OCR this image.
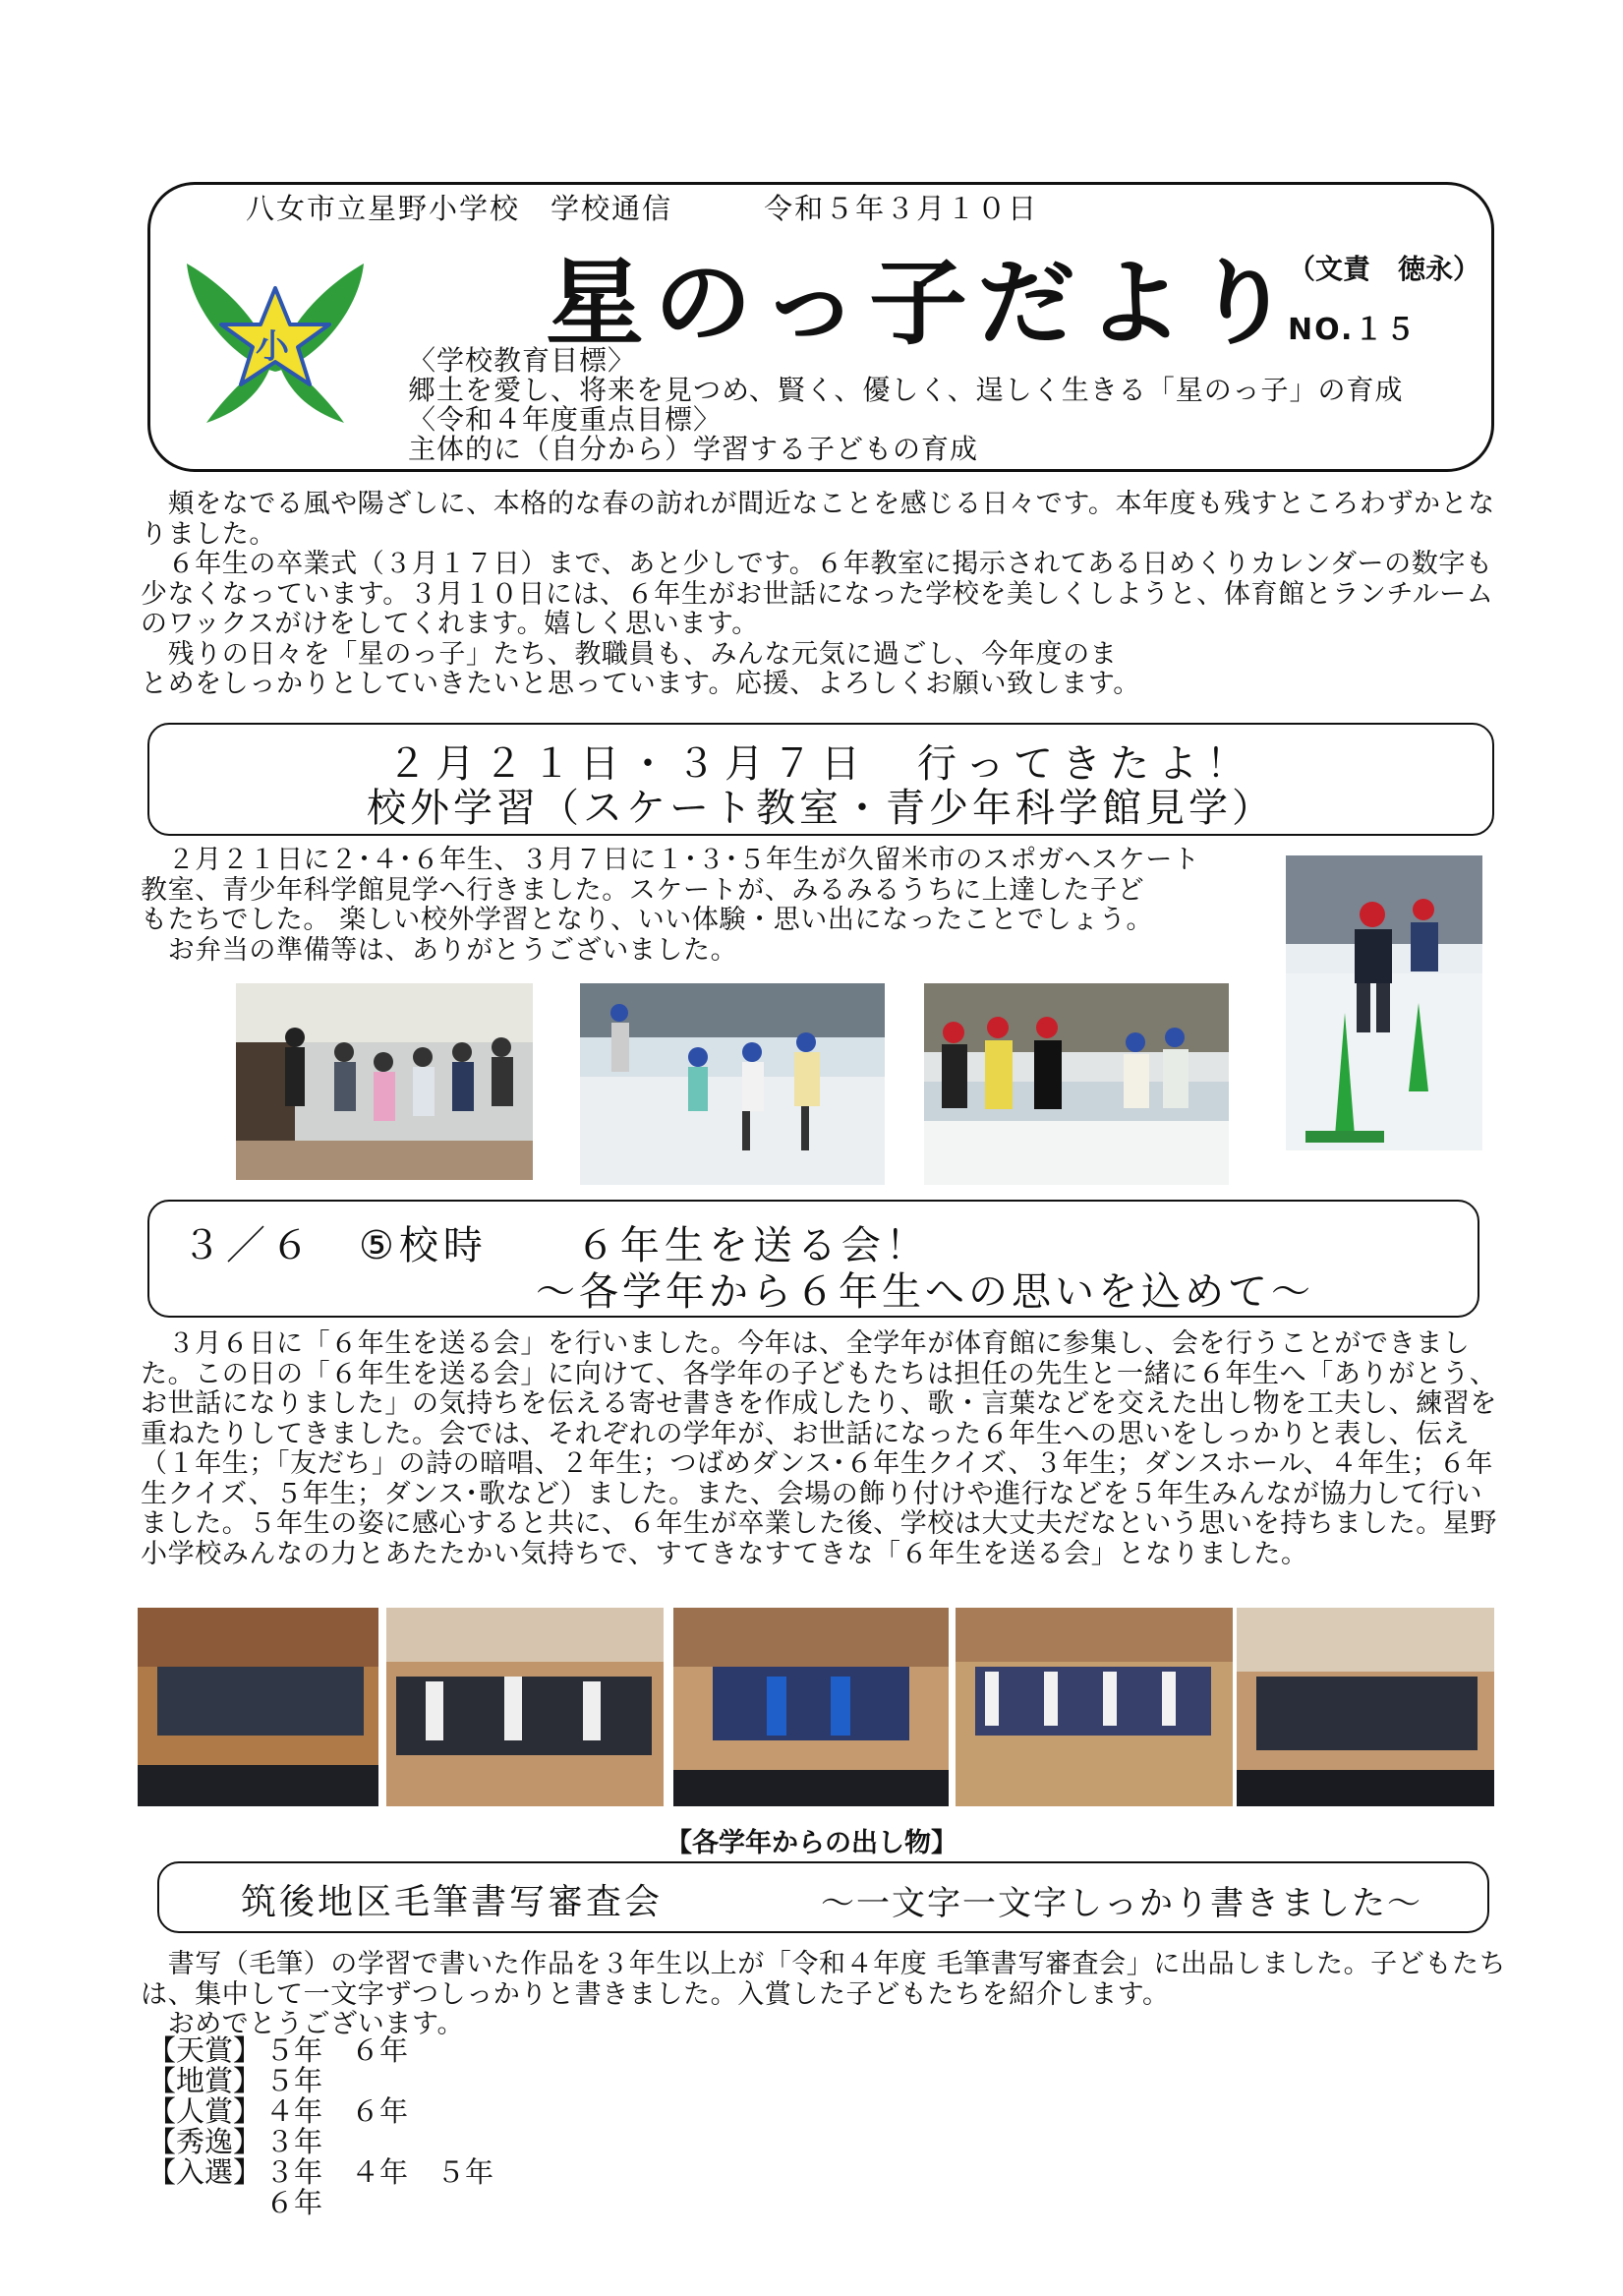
八女市立星野小学校　 学校通信　　　	令和５年３月１０日
小	星のっ子だより
（文責　徳永）
NO.１５
〈学校教育目標〉
郷土を愛し、将来を見つめ、賢く、優しく、逞しく生きる「星のっ子」の育成
〈令和４年度重点目標〉
主体的に（自分から）学習する子どもの育成
　頬をなでる風や陽ざしに、本格的な春の訪れが間近なことを感じる日々です。本年度も残すところわずかとなりました。
　６年生の卒業式（３月１７日）まで、あと少しです。６年教室に掲示されてある日めくりカレンダーの数字も少なくなっています。３月１０日には、６年生がお世話になった学校を美しくしようと、体育館とランチルームのワックスがけをしてくれます。嬉しく思います。
　残りの日々を「星のっ子」たち、教職員も、みんな元気に過ごし、今年度のま
とめをしっかりとしていきたいと思っています。応援、よろしくお願い致します。
２月２１日・３月７日　行ってきたよ！
校外学習（スケート教室・青少年科学館見学）
　２月２１日に２･４･６年生、３月７日に１･３･５年生が久留米市のスポガへスケート
教室、青少年科学館見学へ行きました。スケートが、みるみるうちに上達した子ど
もたちでした。 楽しい校外学習となり、いい体験・思い出になったことでしょう。
　お弁当の準備等は、ありがとうございました。
３／６　⑤校時　　６年生を送る会！
～各学年から６年生への思いを込めて～
　３月６日に「６年生を送る会」を行いました。今年は、全学年が体育館に参集し、会を行うことができました。この日の「６年生を送る会」に向けて、各学年の子どもたちは担任の先生と一緒に６年生へ「ありがとう、お世話になりました」の気持ちを伝える寄せ書きを作成したり、歌・言葉などを交えた出し物を工夫し、練習を重ねたりしてきました。会では、それぞれの学年が、お世話になった６年生への思いをしっかりと表し、伝え（１年生；「友だち」の詩の暗唱、２年生；つばめダンス･６年生クイズ、３年生；ダンスホール、４年生；６年生クイズ、５年生；ダンス･歌など）ました。また、会場の飾り付けや進行などを５年生みんなが協力して行いました。５年生の姿に感心すると共に、６年生が卒業した後、学校は大丈夫だなという思いを持ちました。星野小学校みんなの力とあたたかい気持ちで、すてきなすてきな「６年生を送る会」となりました。
【各学年からの出し物】
筑後地区毛筆書写審査会	～一文字一文字しっかり書きました～
　書写（毛筆）の学習で書いた作品を３年生以上が「令和４年度 毛筆書写審査会」に出品しました。子どもたちは、集中して一文字ずつしっかりと書きました。入賞した子どもたちを紹介します。
　おめでとうございます。
【天賞】 ５年　６年
【地賞】 ５年
【人賞】 ４年　６年
【秀逸】 ３年
【入選】 ３年　４年　５年
６年
